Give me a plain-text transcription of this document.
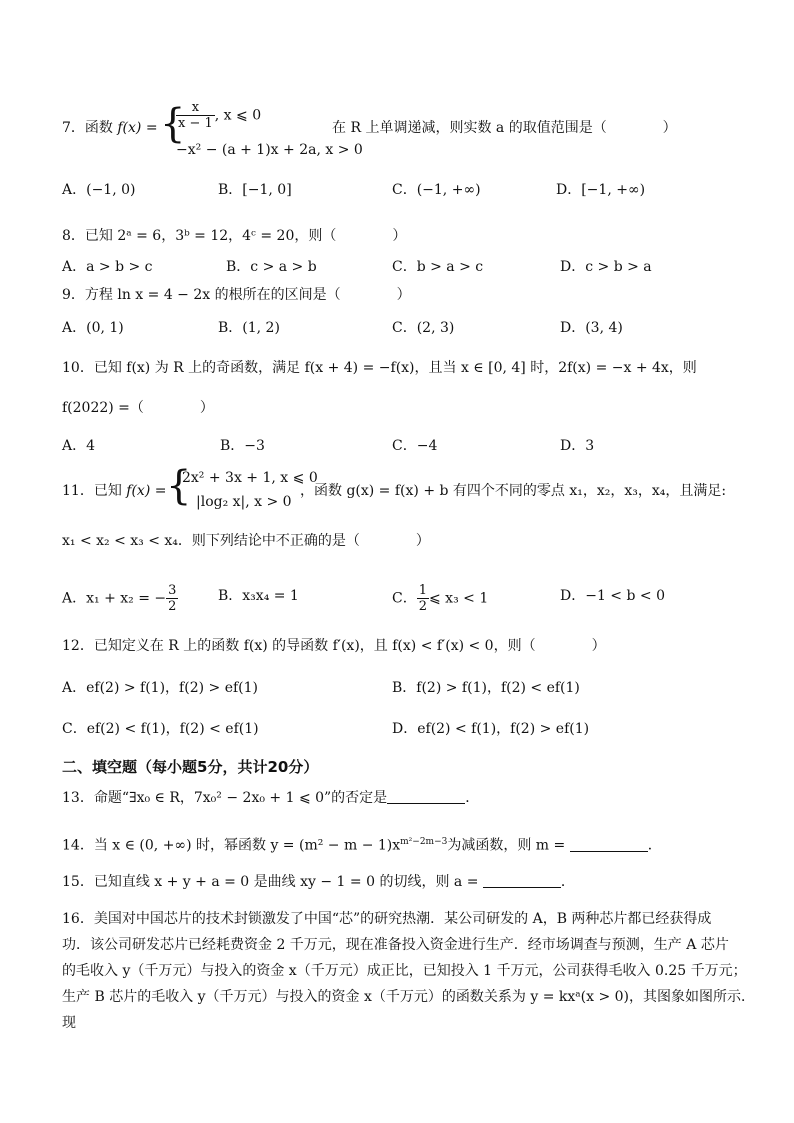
7．函数 f(x) = {
$\frac{x}{x - 1}$ , x ⩽ 0
−x² − (a + 1)x + 2a, x > 0
在 R 上单调递减，则实数 a 的取值范围是（　　　　）
A．(−1, 0)	B．[−1, 0]	C．(−1, +∞)	D．[−1, +∞)
8．已知 2ᵃ = 6，3ᵇ = 12，4ᶜ = 20，则（　　　　）
A．a > b > c	B．c > a > b	C．b > a > c	D．c > b > a
9．方程 ln x = 4 − 2x 的根所在的区间是（　　　　）
A．(0, 1)	B．(1, 2)	C．(2, 3)	D．(3, 4)
10．已知 f(x) 为 R 上的奇函数，满足 f(x + 4) = −f(x)，且当 x ∈ [0, 4] 时，2f(x) = −x + 4x，则
f(2022) =（　　　　）
A．4	B．−3	C．−4	D．3
11．已知 f(x) = {
2x² + 3x + 1, x ⩽ 0
|log₂ x|, x > 0
，函数 g(x) = f(x) + b 有四个不同的零点 x₁，x₂，x₃，x₄，且满足:
x₁ < x₂ < x₃ < x₄．则下列结论中不正确的是（　　　　）
A．x₁ + x₂ = − $\frac{3}{2}$	B．x₃x₄ = 1	C． $\frac{1}{2}$ ⩽ x₃ < 1	D．−1 < b < 0
12．已知定义在 R 上的函数 f(x) 的导函数 f′(x)，且 f(x) < f′(x) < 0，则（　　　　）
A．ef(2) > f(1)，f(2) > ef(1)	B．f(2) > f(1)，f(2) < ef(1)
C．ef(2) < f(1)，f(2) < ef(1)	D．ef(2) < f(1)，f(2) > ef(1)
二、填空题（每小题5分，共计20分）
13．命题“∃x₀ ∈ R，7x₀² − 2x₀ + 1 ⩽ 0”的否定是	．
14．当 x ∈ (0, +∞) 时，幂函数 $y = (m^2 - m - 1)x^{m^2-2m-3}$为减函数，则 m =	．
15．已知直线 x + y + a = 0 是曲线 xy − 1 = 0 的切线，则 a =	．
16．美国对中国芯片的技术封锁激发了中国“芯”的研究热潮．某公司研发的 A，B 两种芯片都已经获得成
功．该公司研发芯片已经耗费资金 2 千万元，现在准备投入资金进行生产．经市场调查与预测，生产 A 芯片
的毛收入 y（千万元）与投入的资金 x（千万元）成正比，已知投入 1 千万元，公司获得毛收入 0.25 千万元；
生产 B 芯片的毛收入 y（千万元）与投入的资金 x（千万元）的函数关系为 y = kxᵃ(x > 0)，其图象如图所示．现
